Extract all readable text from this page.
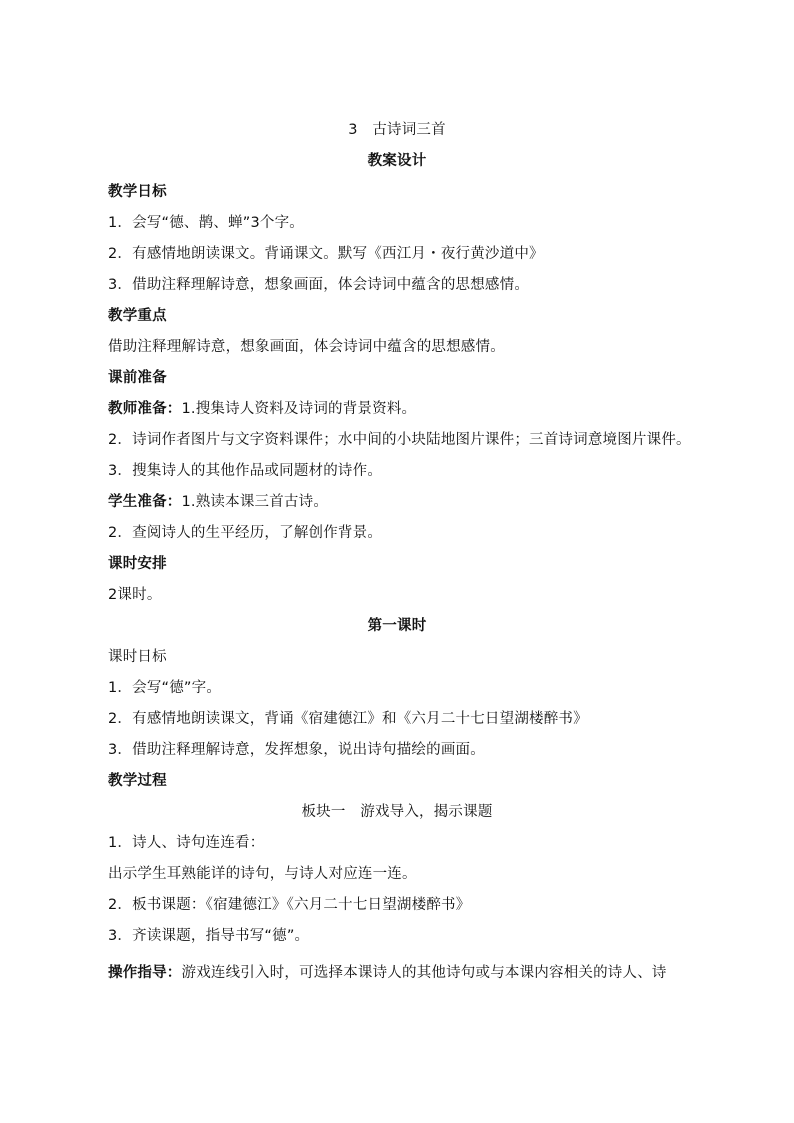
3　古诗词三首
教案设计
教学日标
1．会写“德、鹊、蝉”3个字。
2．有感情地朗读课文。背诵课文。默写《西江月・夜行黄沙道中》
3．借助注释理解诗意，想象画面，体会诗词中蕴含的思想感情。
教学重点
借助注释理解诗意，想象画面，体会诗词中蕴含的思想感情。
课前准备
教师准备：1.搜集诗人资料及诗词的背景资料。
2．诗词作者图片与文字资料课件；水中间的小块陆地图片课件；三首诗词意境图片课件。
3．搜集诗人的其他作品或同题材的诗作。
学生准备：1.熟读本课三首古诗。
2．查阅诗人的生平经历，了解创作背景。
课时安排
2课时。
第一课时
课时日标
1．会写“德”字。
2．有感情地朗读课文，背诵《宿建德江》和《六月二十七日望湖楼醉书》
3．借助注释理解诗意，发挥想象，说出诗句描绘的画面。
教学过程
板块一　游戏导入，揭示课题
1．诗人、诗句连连看：
出示学生耳熟能详的诗句，与诗人对应连一连。
2．板书课题：《宿建德江》《六月二十七日望湖楼醉书》
3．齐读课题，指导书写“德”。
操作指导：游戏连线引入时，可选择本课诗人的其他诗句或与本课内容相关的诗人、诗
